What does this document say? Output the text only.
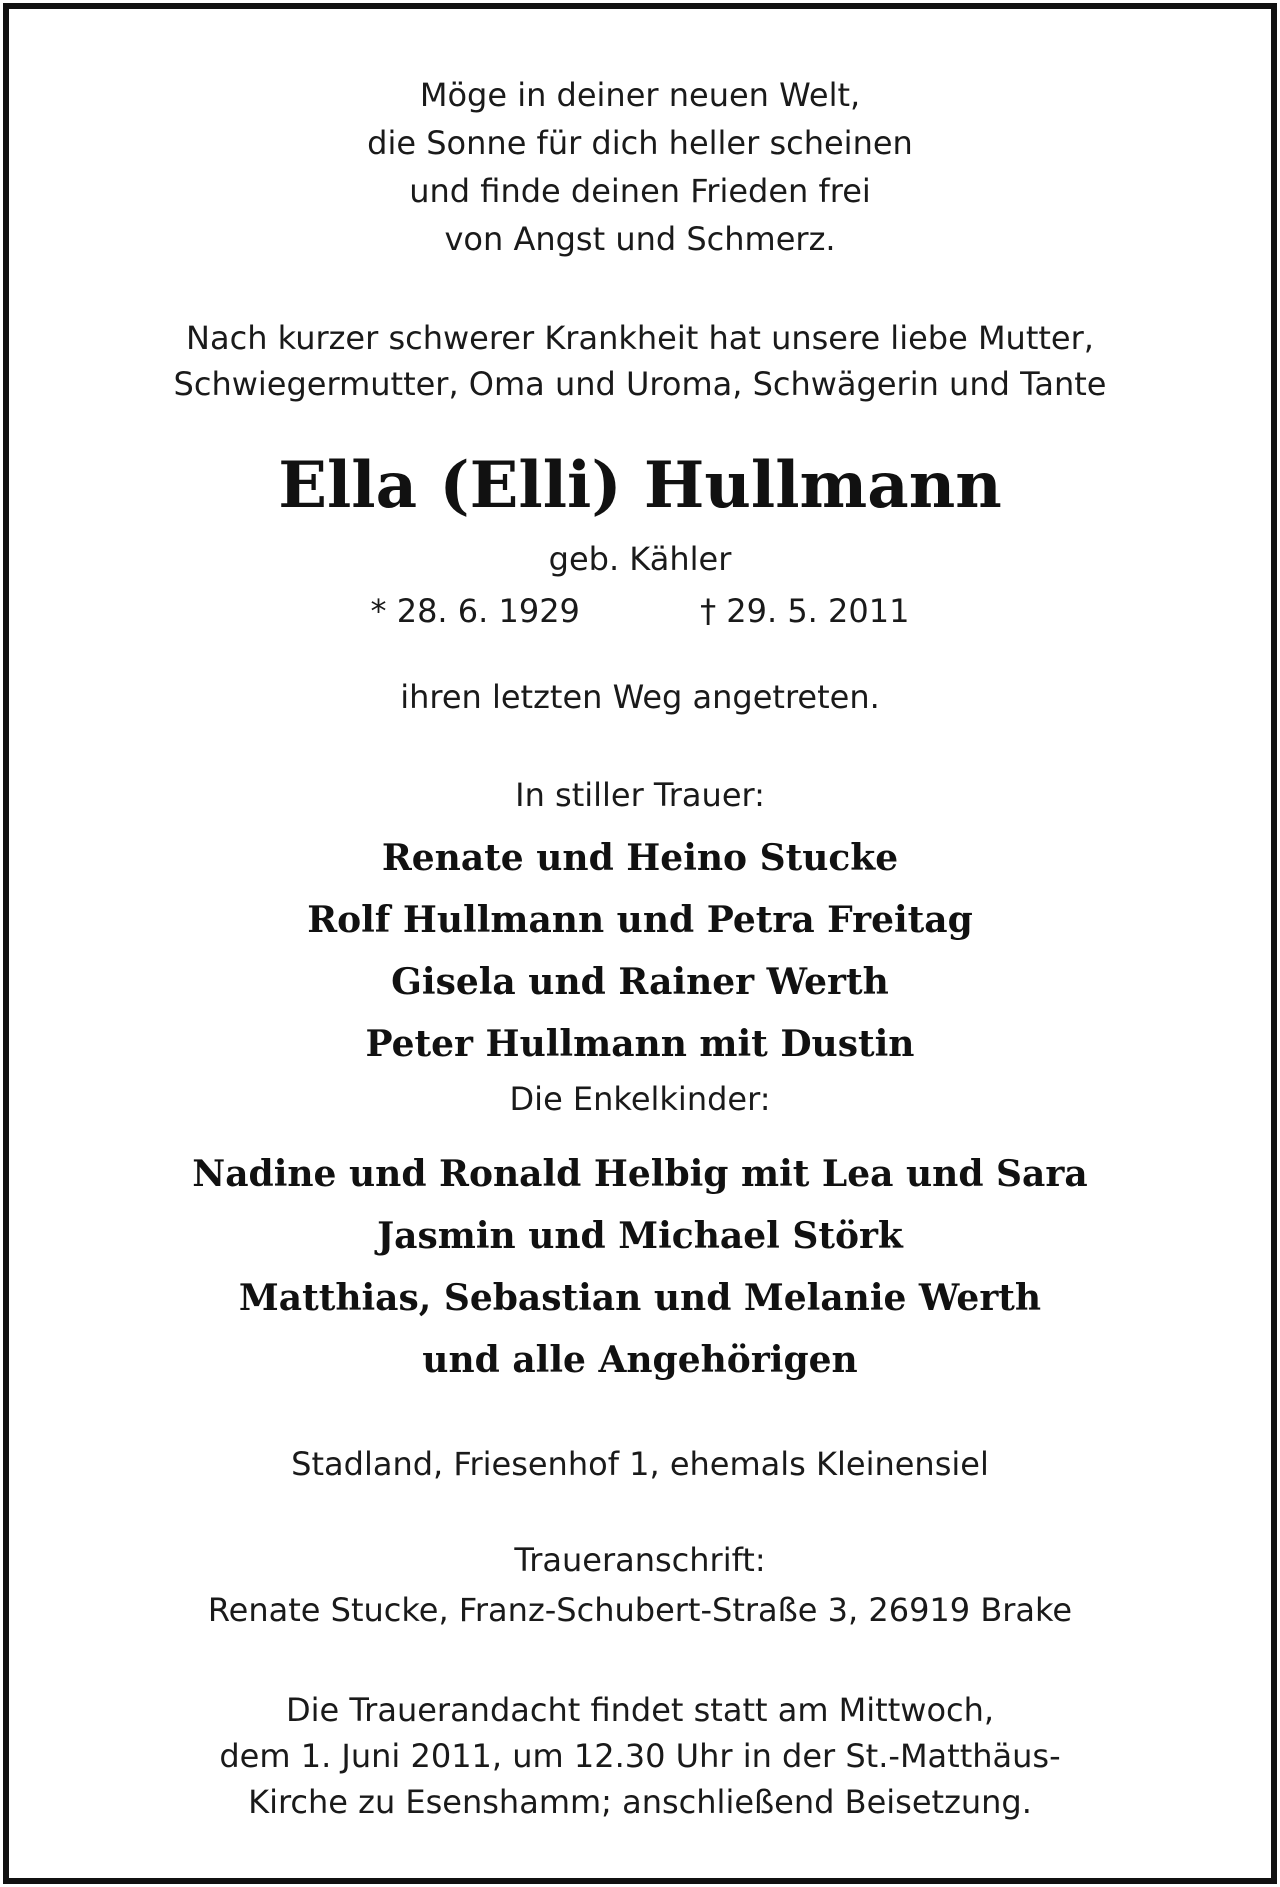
Möge in deiner neuen Welt,
die Sonne für dich heller scheinen
und finde deinen Frieden frei
von Angst und Schmerz.
Nach kurzer schwerer Krankheit hat unsere liebe Mutter,
Schwiegermutter, Oma und Uroma, Schwägerin und Tante
Ella (Elli) Hullmann
geb. Kähler
* 28. 6. 1929	† 29. 5. 2011
ihren letzten Weg angetreten.
In stiller Trauer:
Renate und Heino Stucke
Rolf Hullmann und Petra Freitag
Gisela und Rainer Werth
Peter Hullmann mit Dustin
Die Enkelkinder:
Nadine und Ronald Helbig mit Lea und Sara
Jasmin und Michael Störk
Matthias, Sebastian und Melanie Werth
und alle Angehörigen
Stadland, Friesenhof 1, ehemals Kleinensiel
Traueranschrift:
Renate Stucke, Franz-Schubert-Straße 3, 26919 Brake
Die Trauerandacht findet statt am Mittwoch,
dem 1. Juni 2011, um 12.30 Uhr in der St.-Matthäus-
Kirche zu Esenshamm; anschließend Beisetzung.
